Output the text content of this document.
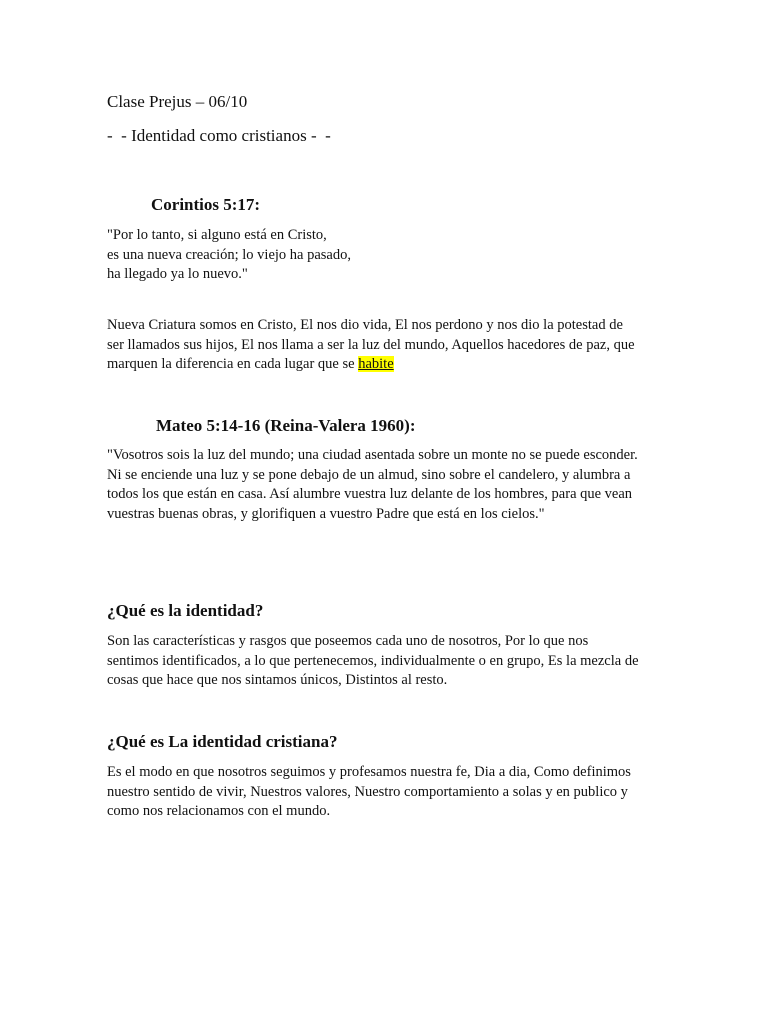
Clase Prejus – 06/10

-  - Identidad como cristianos -  -

Corintios 5:17:

"Por lo tanto, si alguno está en Cristo,
es una nueva creación; lo viejo ha pasado,
ha llegado ya lo nuevo."
Nueva Criatura somos en Cristo, El nos dio vida, El nos perdono y nos dio la potestad de
ser llamados sus hijos, El nos llama a ser la luz del mundo, Aquellos hacedores de paz, que
marquen la diferencia en cada lugar que se habite

Mateo 5:14-16 (Reina-Valera 1960):

"Vosotros sois la luz del mundo; una ciudad asentada sobre un monte no se puede esconder.
Ni se enciende una luz y se pone debajo de un almud, sino sobre el candelero, y alumbra a
todos los que están en casa. Así alumbre vuestra luz delante de los hombres, para que vean
vuestras buenas obras, y glorifiquen a vuestro Padre que está en los cielos."

¿Qué es la identidad?

Son las características y rasgos que poseemos cada uno de nosotros, Por lo que nos
sentimos identificados, a lo que pertenecemos, individualmente o en grupo, Es la mezcla de
cosas que hace que nos sintamos únicos, Distintos al resto.

¿Qué es La identidad cristiana?

Es el modo en que nosotros seguimos y profesamos nuestra fe, Dia a dia, Como definimos
nuestro sentido de vivir, Nuestros valores, Nuestro comportamiento a solas y en publico y
como nos relacionamos con el mundo.
